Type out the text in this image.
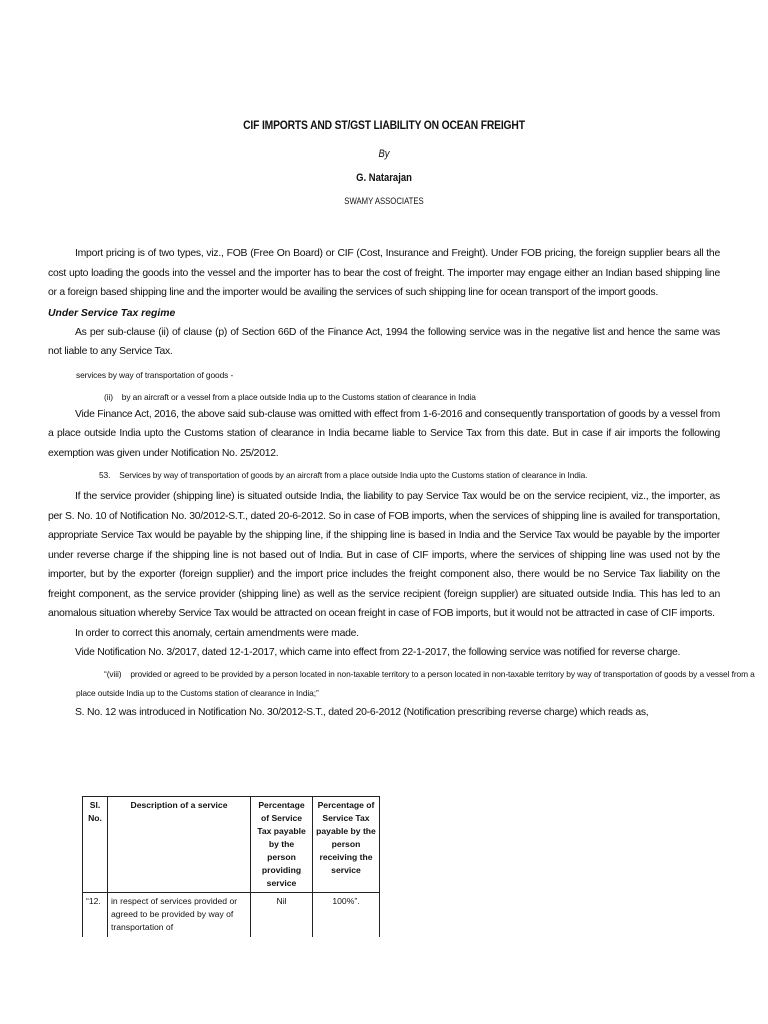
CIF IMPORTS AND ST/GST LIABILITY ON OCEAN FREIGHT
By
G. Natarajan
SWAMY ASSOCIATES

Import pricing is of two types, viz., FOB (Free On Board) or CIF (Cost, Insurance and Freight). Under FOB pricing, the foreign supplier bears all the cost upto loading the goods into the vessel and the importer has to bear the cost of freight. The importer may engage either an Indian based shipping line or a foreign based shipping line and the importer would be availing the services of such shipping line for ocean transport of the import goods.

Under Service Tax regime

As per sub-clause (ii) of clause (p) of Section 66D of the Finance Act, 1994 the following service was in the negative list and hence the same was not liable to any Service Tax.

services by way of transportation of goods -
(ii)    by an aircraft or a vessel from a place outside India up to the Customs station of clearance in India

Vide Finance Act, 2016, the above said sub-clause was omitted with effect from 1-6-2016 and consequently transportation of goods by a vessel from a place outside India upto the Customs station of clearance in India became liable to Service Tax from this date. But in case if air imports the following exemption was given under Notification No. 25/2012.

53.    Services by way of transportation of goods by an aircraft from a place outside India upto the Customs station of clearance in India.

If the service provider (shipping line) is situated outside India, the liability to pay Service Tax would be on the service recipient, viz., the importer, as per S. No. 10 of Notification No. 30/2012-S.T., dated 20-6-2012. So in case of FOB imports, when the services of shipping line is availed for transportation, appropriate Service Tax would be payable by the shipping line, if the shipping line is based in India and the Service Tax would be payable by the importer under reverse charge if the shipping line is not based out of India. But in case of CIF imports, where the services of shipping line was used not by the importer, but by the exporter (foreign supplier) and the import price includes the freight component also, there would be no Service Tax liability on the freight component, as the service provider (shipping line) as well as the service recipient (foreign supplier) are situated outside India. This has led to an anomalous situation whereby Service Tax would be attracted on ocean freight in case of FOB imports, but it would not be attracted in case of CIF imports.

In order to correct this anomaly, certain amendments were made.

Vide Notification No. 3/2017, dated 12-1-2017, which came into effect from 22-1-2017, the following service was notified for reverse charge.

“(viii)    provided or agreed to be provided by a person located in non-taxable territory to a person located in non-taxable territory by way of transportation of goods by a vessel from a
place outside India up to the Customs station of clearance in India;”

S. No. 12 was introduced in Notification No. 30/2012-S.T., dated 20-6-2012 (Notification prescribing reverse charge) which reads as,

Sl. No.	Description of a service	Percentage of Service Tax payable by the person providing service	Percentage of Service Tax payable by the person receiving the service
“12.	in respect of services provided or agreed to be provided by way of transportation of	Nil	100%”.
